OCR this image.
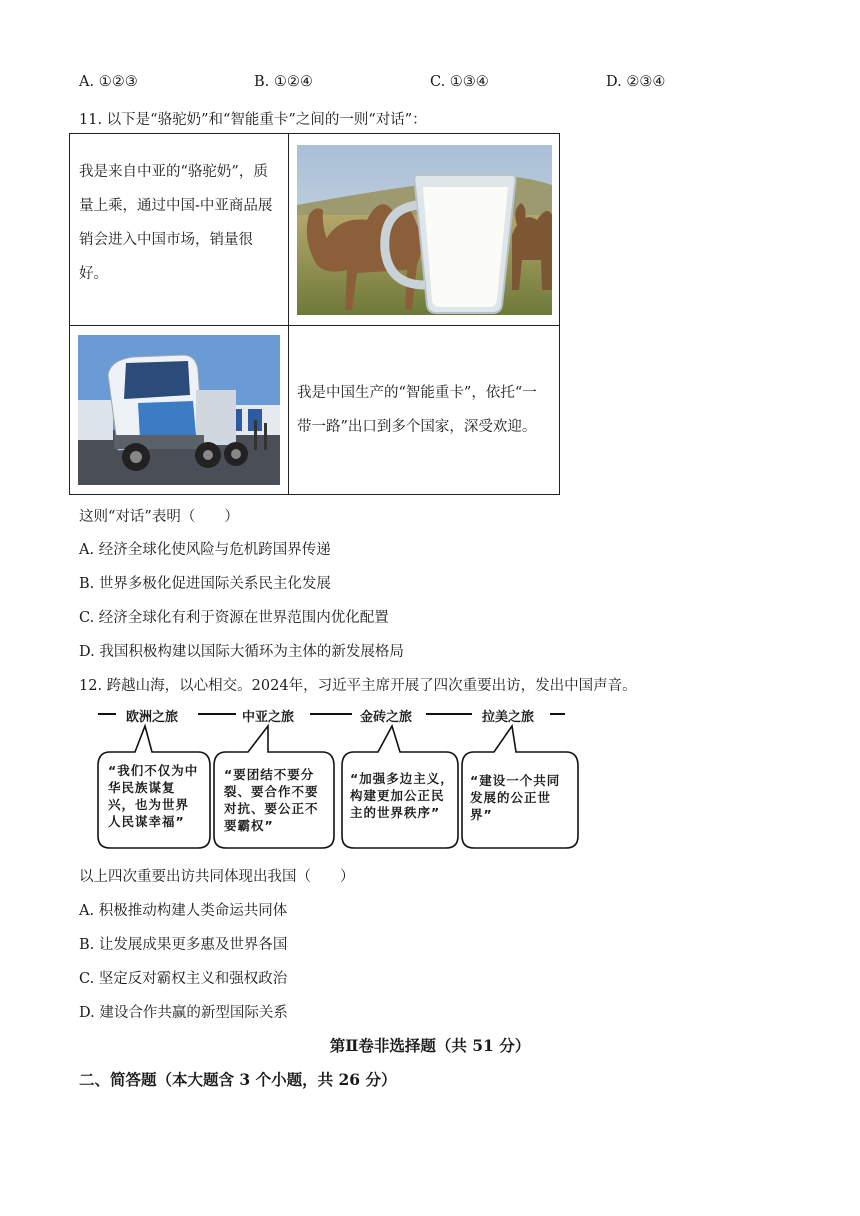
A. ①②③	B. ①②④	C. ①③④	D. ②③④
11. 以下是“骆驼奶”和“智能重卡”之间的一则“对话”：
我是来自中亚的“骆驼奶”，质量上乘，通过中国-中亚商品展销会进入中国市场，销量很好。

我是中国生产的“智能重卡”，依托“一带一路”出口到多个国家，深受欢迎。
这则“对话”表明（　　）
A. 经济全球化使风险与危机跨国界传递
B. 世界多极化促进国际关系民主化发展
C. 经济全球化有利于资源在世界范围内优化配置
D. 我国积极构建以国际大循环为主体的新发展格局
12. 跨越山海，以心相交。2024年，习近平主席开展了四次重要出访，发出中国声音。
欧洲之旅	中亚之旅	金砖之旅	拉美之旅
“我们不仅为中华民族谋复兴，也为世界人民谋幸福”
“要团结不要分裂、要合作不要对抗、要公正不要霸权”
“加强多边主义，构建更加公正民主的世界秩序”
“建设一个共同发展的公正世界”
以上四次重要出访共同体现出我国（　　）
A. 积极推动构建人类命运共同体
B. 让发展成果更多惠及世界各国
C. 坚定反对霸权主义和强权政治
D. 建设合作共赢的新型国际关系
第Ⅱ卷非选择题（共 51 分）
二、简答题（本大题含 3 个小题，共 26 分）
